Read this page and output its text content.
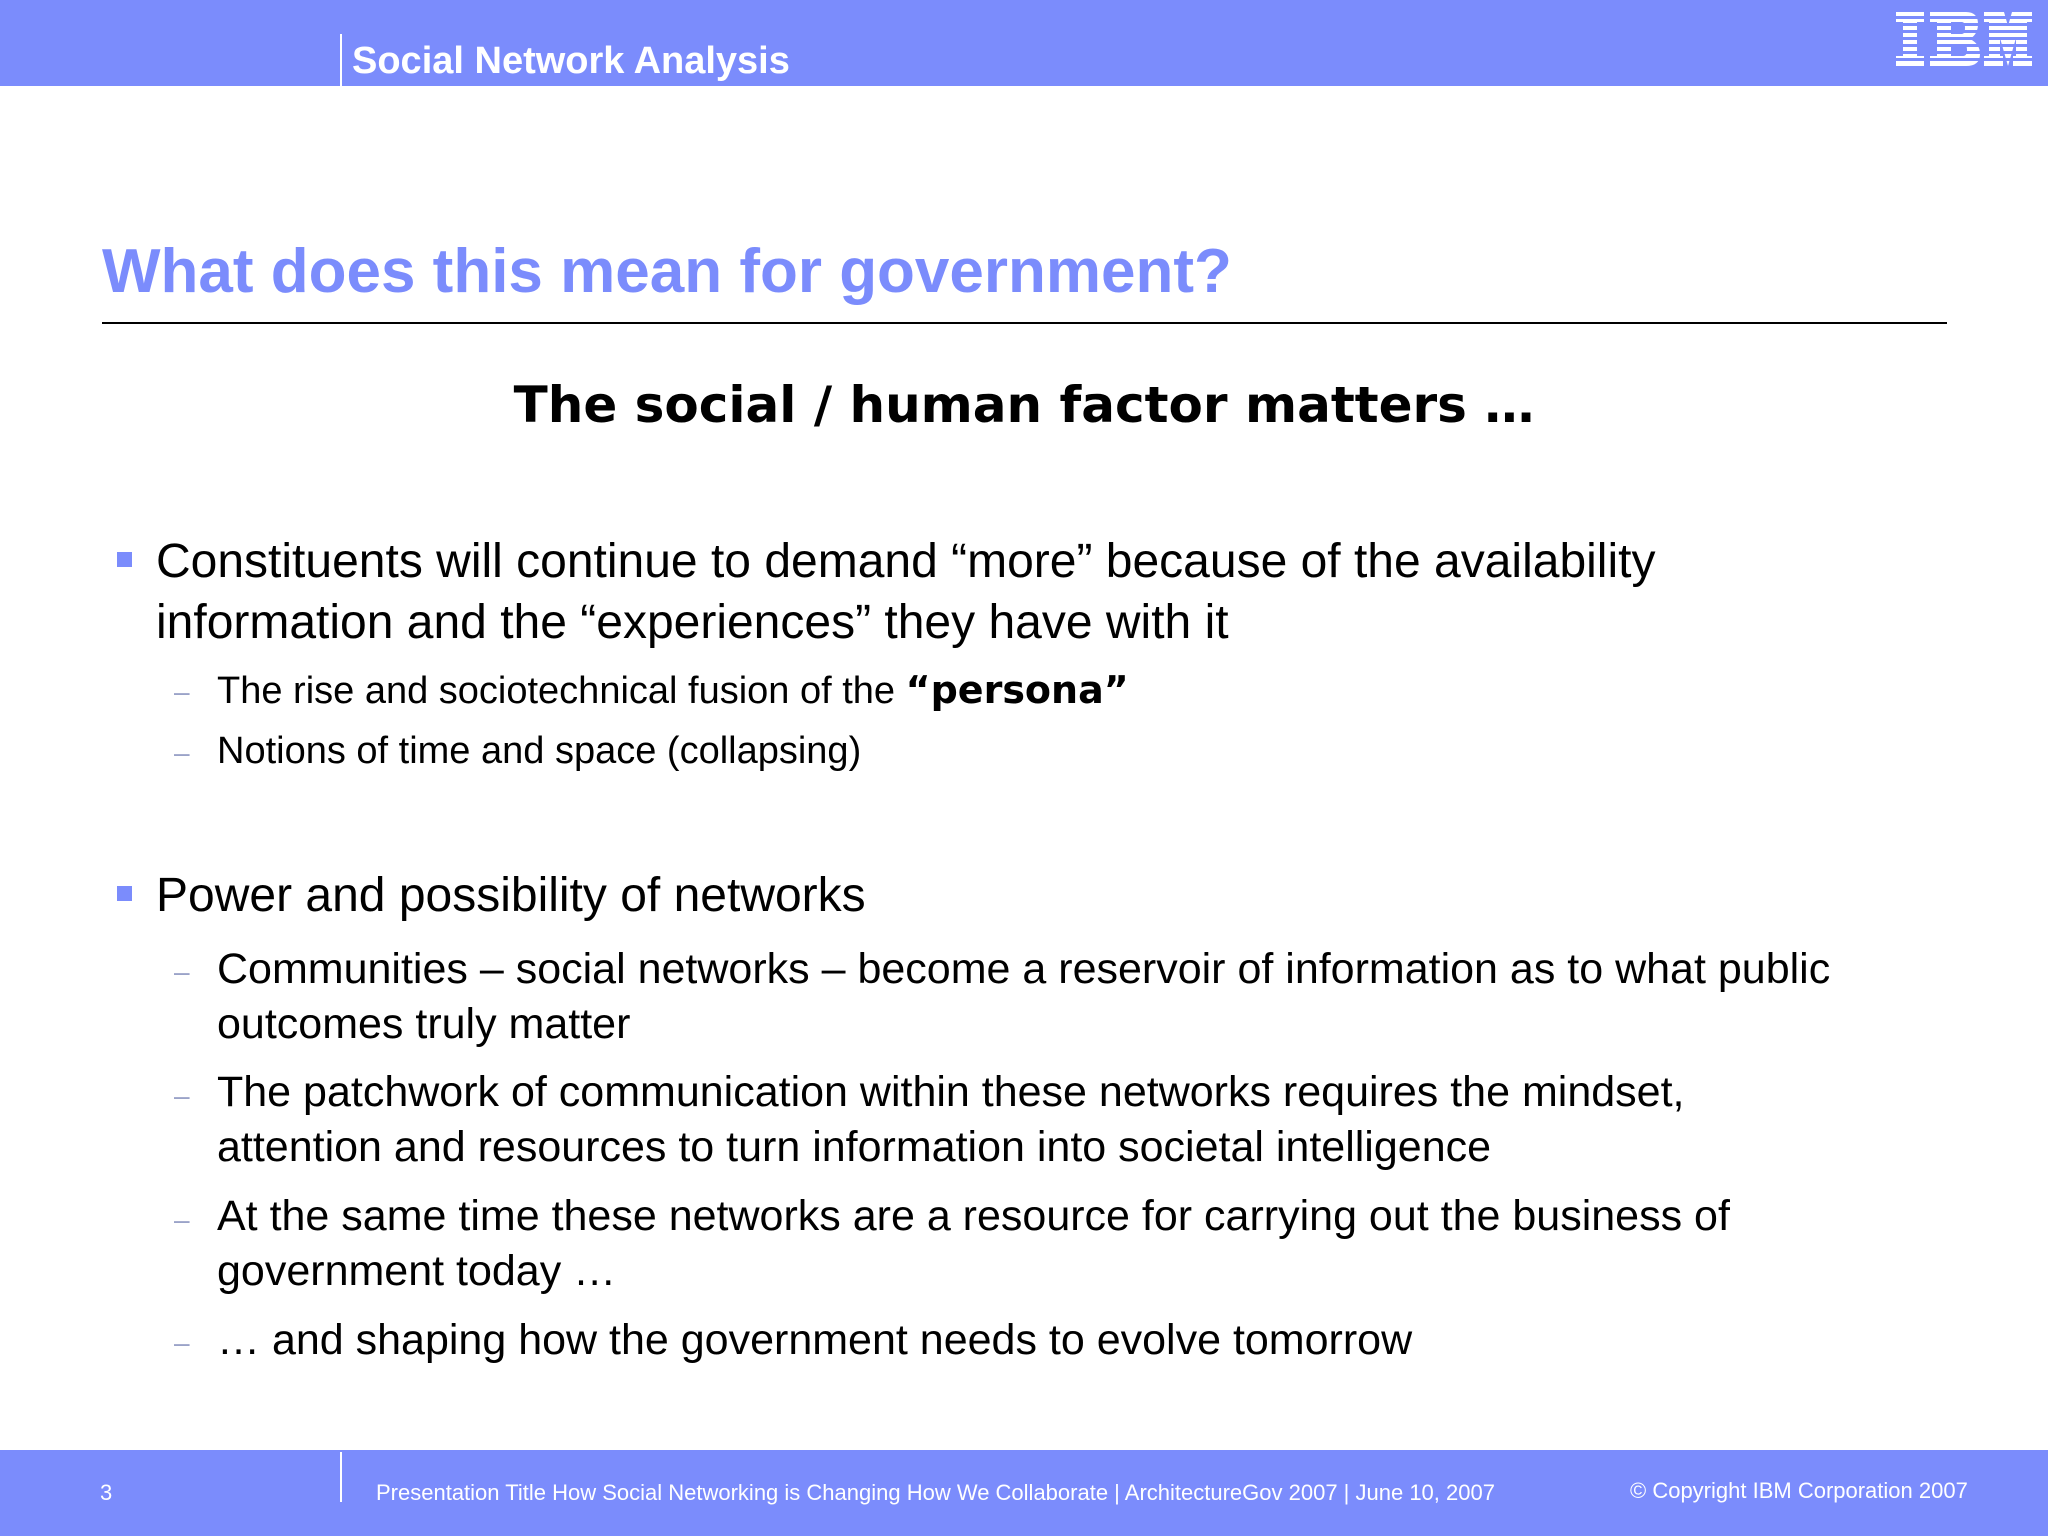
Social Network Analysis
What does this mean for government?
The social / human factor matters …
Constituents will continue to demand “more” because of the availability
information and the “experiences” they have with it
– The rise and sociotechnical fusion of the “persona”
– Notions of time and space (collapsing)
Power and possibility of networks
– Communities – social networks – become a reservoir of information as to what public
outcomes truly matter
– The patchwork of communication within these networks requires the mindset,
attention and resources to turn information into societal intelligence
– At the same time these networks are a resource for carrying out the business of
government today …
– … and shaping how the government needs to evolve tomorrow
3	Presentation Title How Social Networking is Changing How We Collaborate | ArchitectureGov 2007 | June 10, 2007	© Copyright IBM Corporation 2007
